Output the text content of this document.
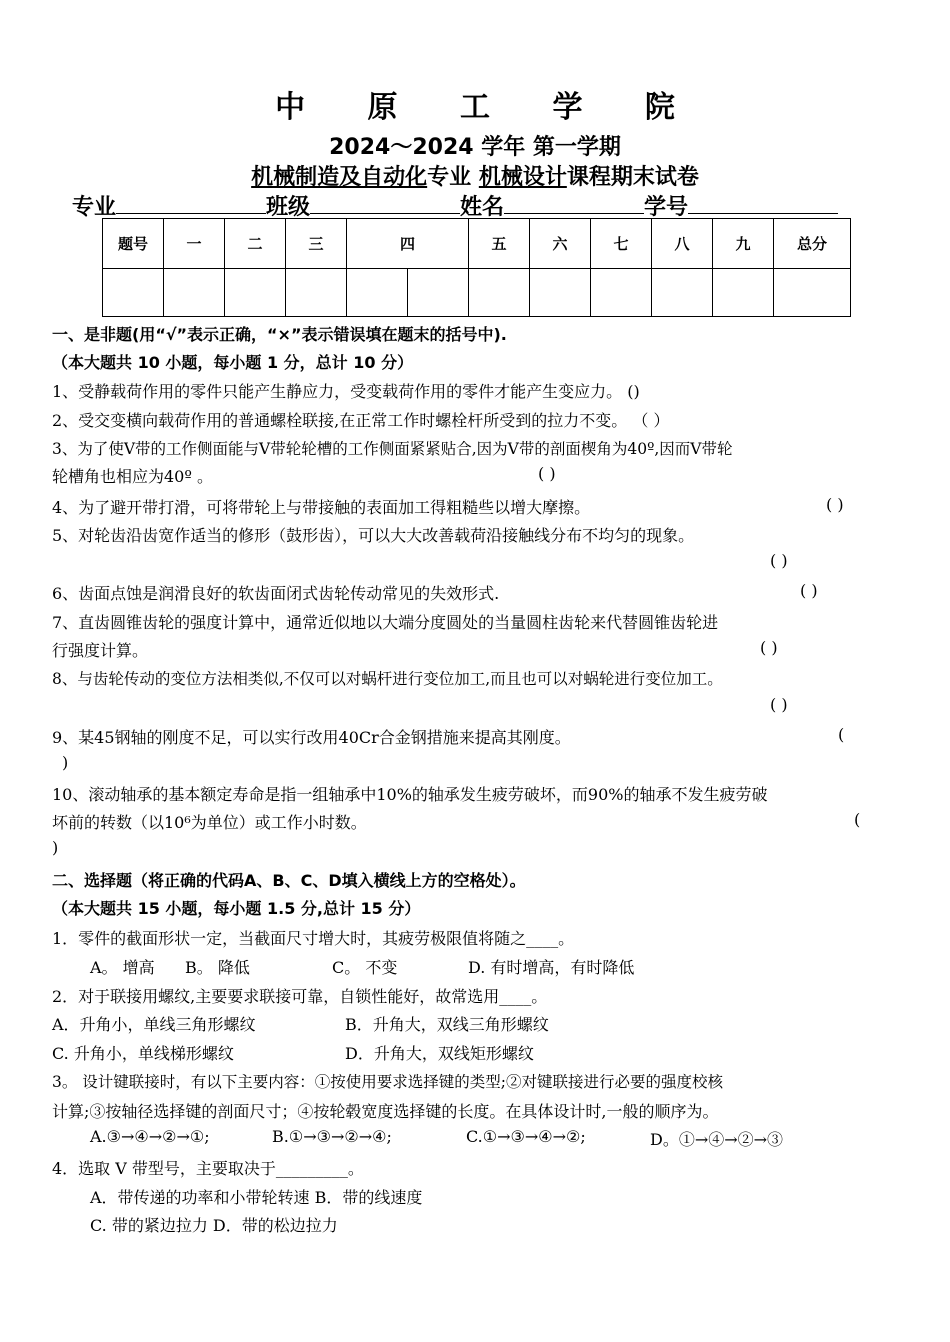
中 原 工 学 院
2024～2024 学年 第一学期
机械制造及自动化专业 机械设计课程期末试卷
专业	班级	姓名	学号
题号	一	二	三	四		五	六	七	八	九	总分

一、是非题(用“√”表示正确，“×”表示错误填在题末的括号中).
（本大题共 10 小题，每小题 1 分，总计 10 分）
1、受静载荷作用的零件只能产生静应力，受变载荷作用的零件才能产生变应力。 ()
2、受交变横向载荷作用的普通螺栓联接,在正常工作时螺栓杆所受到的拉力不变。 （ ）
3、为了使V带的工作侧面能与V带轮轮槽的工作侧面紧紧贴合,因为V带的剖面楔角为40º,因而V带轮
轮槽角也相应为40º 。	( )
4、为了避开带打滑，可将带轮上与带接触的表面加工得粗糙些以增大摩擦。	( )
5、对轮齿沿齿宽作适当的修形（鼓形齿），可以大大改善载荷沿接触线分布不均匀的现象。
( )
6、齿面点蚀是润滑良好的软齿面闭式齿轮传动常见的失效形式.	( )
7、直齿圆锥齿轮的强度计算中，通常近似地以大端分度圆处的当量圆柱齿轮来代替圆锥齿轮进
行强度计算。	( )
8、与齿轮传动的变位方法相类似,不仅可以对蜗杆进行变位加工,而且也可以对蜗轮进行变位加工。
( )
9、某45钢轴的刚度不足，可以实行改用40Cr合金钢措施来提高其刚度。	(
)
10、滚动轴承的基本额定寿命是指一组轴承中10%的轴承发生疲劳破坏，而90%的轴承不发生疲劳破
坏前的转数（以10⁶为单位）或工作小时数。	(
)
二、选择题（将正确的代码A、B、C、D填入横线上方的空格处）。
（本大题共 15 小题，每小题 1.5 分,总计 15 分）
1．零件的截面形状一定，当截面尺寸增大时，其疲劳极限值将随之____。
A。 增高 B。 降低	C。 不变	D. 有时增高，有时降低
2．对于联接用螺纹,主要要求联接可靠，自锁性能好，故常选用____。
A．升角小，单线三角形螺纹	B．升角大，双线三角形螺纹
C. 升角小，单线梯形螺纹	D．升角大，双线矩形螺纹
3。 设计键联接时，有以下主要内容：①按使用要求选择键的类型;②对键联接进行必要的强度校核
计算;③按轴径选择键的剖面尺寸；④按轮毂宽度选择键的长度。在具体设计时,一般的顺序为。
A.③→④→②→①;	B.①→③→②→④;	C.①→③→④→②;	D。①→④→②→③
4．选取 V 带型号，主要取决于_________。
A．带传递的功率和小带轮转速 B．带的线速度
C. 带的紧边拉力 D．带的松边拉力
